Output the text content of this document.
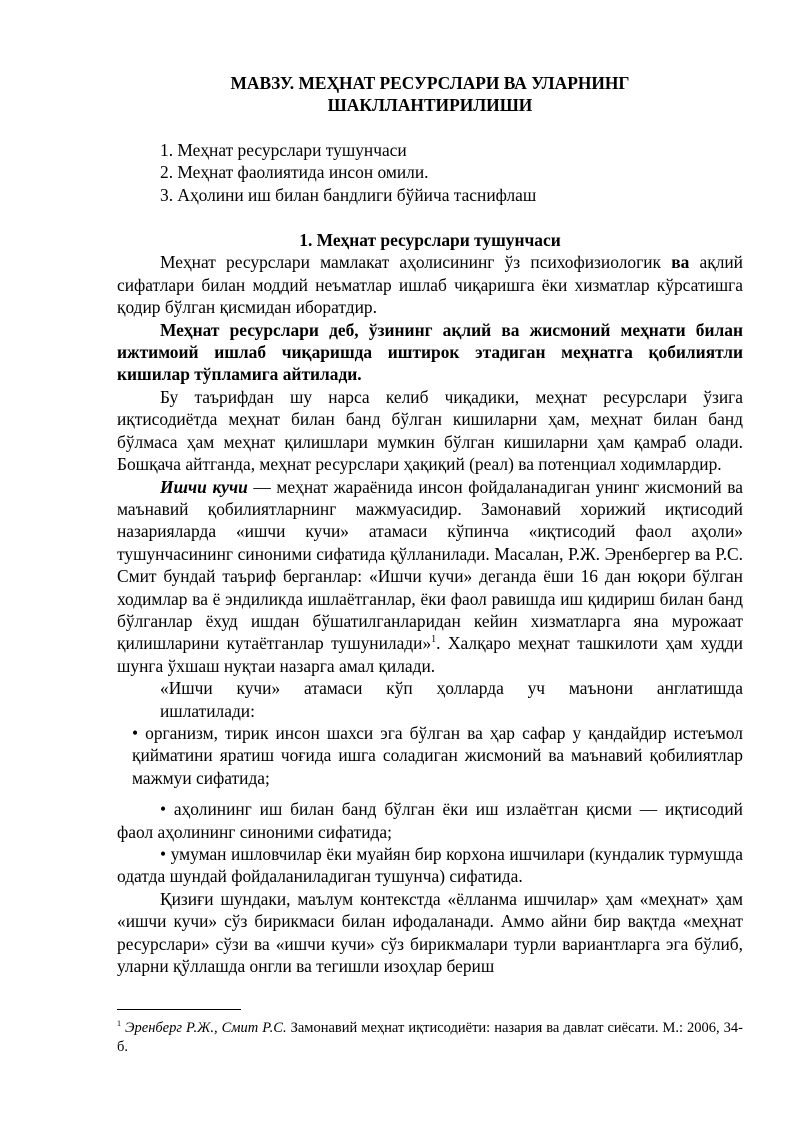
МАВЗУ. МЕҲНАТ РЕСУРСЛАРИ ВА УЛАРНИНГ
ШАКЛЛАНТИРИЛИШИ
1. Меҳнат ресурслари тушунчаси
2. Меҳнат фаолиятида инсон омили.
3. Аҳолини иш билан бандлиги бўйича таснифлаш
1. Меҳнат ресурслари тушунчаси

Меҳнат ресурслари мамлакат аҳолисининг ўз психофизиологик ва ақлий сифатлари билан моддий неъматлар ишлаб чиқаришга ёки хизматлар кўрсатишга қодир бўлган қисмидан иборатдир.

Меҳнат ресурслари деб, ўзининг ақлий ва жисмоний меҳнати билан ижтимоий ишлаб чиқаришда иштирок этадиган меҳнатга қобилиятли кишилар тўпламига айтилади.

Бу таърифдан шу нарса келиб чиқадики, меҳнат ресурслари ўзига иқтисодиётда меҳнат билан банд бўлган кишиларни ҳам, меҳнат билан банд бўлмаса ҳам меҳнат қилишлари мумкин бўлган кишиларни ҳам қамраб олади. Бошқача айтганда, меҳнат ресурслари ҳақиқий (реал) ва потенциал ходимлардир.

Ишчи кучи — меҳнат жараёнида инсон фойдаланадиган унинг жисмоний ва маънавий қобилиятларнинг мажмуасидир. Замонавий хорижий иқтисодий назарияларда «ишчи кучи» атамаси кўпинча «иқтисодий фаол аҳоли» тушунчасининг синоними сифатида қўлланилади. Масалан, Р.Ж. Эренбергер ва Р.С. Смит бундай таъриф берганлар: «Ишчи кучи» деганда ёши 16 дан юқори бўлган ходимлар ва ё эндиликда ишлаётганлар, ёки фаол равишда иш қидириш билан банд бўлганлар ёхуд ишдан бўшатилганларидан кейин хизматларга яна мурожаат қилишларини кутаётганлар тушунилади»$^1$. Халқаро меҳнат ташкилоти ҳам худди шунга ўхшаш нуқтаи назарга амал қилади.

«Ишчи кучи» атамаси кўп ҳолларда уч маънони англатишда
ишлатилади:

• организм, тирик инсон шахси эга бўлган ва ҳар сафар у қандайдир истеъмол қийматини яратиш чоғида ишга соладиган жисмоний ва маънавий қобилиятлар мажмуи сифатида;

• аҳолининг иш билан банд бўлган ёки иш излаётган қисми — иқтисодий фаол аҳолининг синоними сифатида;

• умуман ишловчилар ёки муайян бир корхона ишчилари (кундалик турмушда одатда шундай фойдаланиладиган тушунча) сифатида.

Қизиғи шундаки, маълум контекстда «ёлланма ишчилар» ҳам «меҳнат» ҳам «ишчи кучи» сўз бирикмаси билан ифодаланади. Аммо айни бир вақтда «меҳнат ресурслари» сўзи ва «ишчи кучи» сўз бирикмалари турли вариантларга эга бўлиб, уларни қўллашда онгли ва тегишли изоҳлар бериш

$^1$ Эренберг Р.Ж., Смит Р.С. Замонавий меҳнат иқтисодиёти: назария ва давлат сиёсати. М.: 2006, 34-б.
